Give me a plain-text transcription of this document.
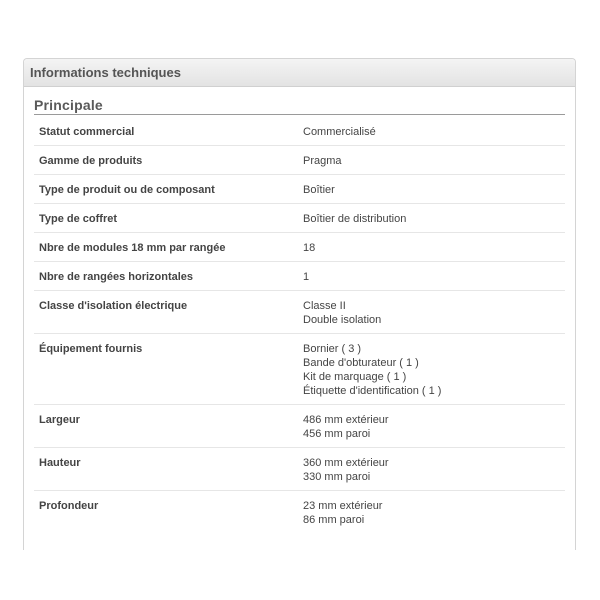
Informations techniques
Principale
Statut commercial	Commercialisé
Gamme de produits	Pragma
Type de produit ou de composant	Boîtier
Type de coffret	Boîtier de distribution
Nbre de modules 18 mm par rangée	18
Nbre de rangées horizontales	1
Classe d'isolation électrique	Classe II
Double isolation
Équipement fournis	Bornier ( 3 )
Bande d'obturateur ( 1 )
Kit de marquage ( 1 )
Étiquette d'identification ( 1 )
Largeur	486 mm extérieur
456 mm paroi
Hauteur	360 mm extérieur
330 mm paroi
Profondeur	23 mm extérieur
86 mm paroi
